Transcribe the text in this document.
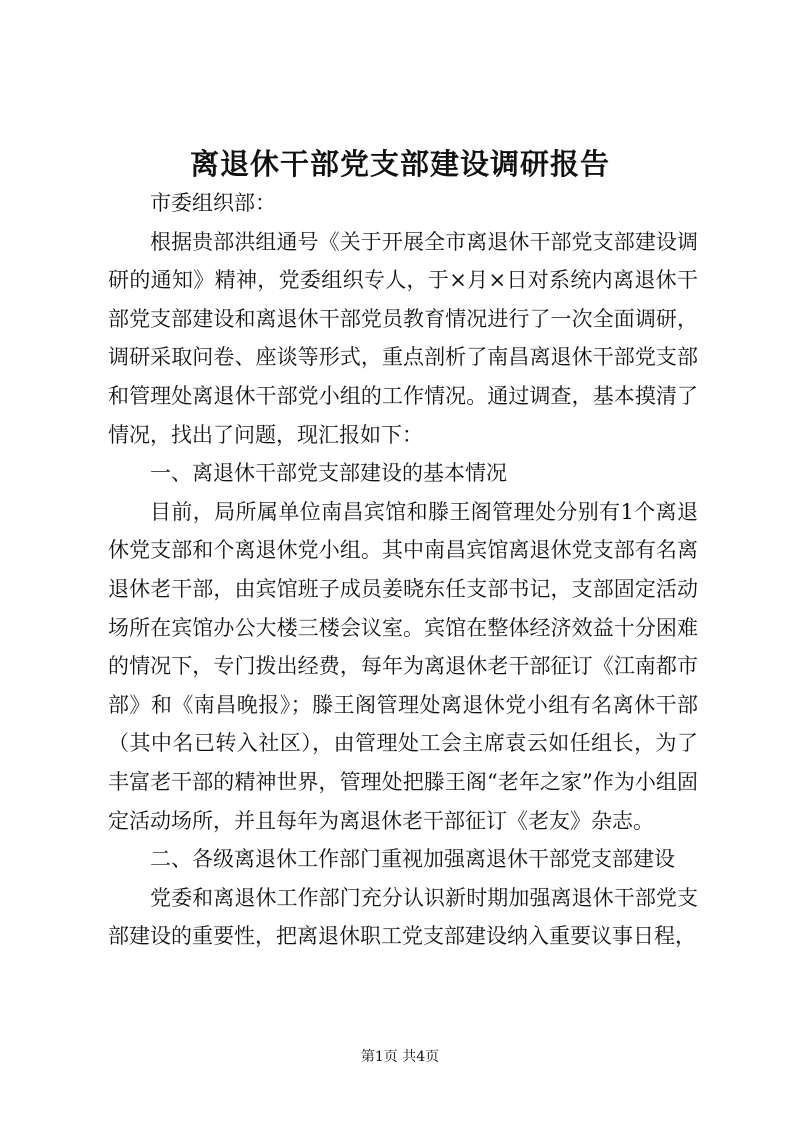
离退休干部党支部建设调研报告

市委组织部：

根据贵部洪组通号《关于开展全市离退休干部党支部建设调研的通知》精神，党委组织专人，于×月×日对系统内离退休干部党支部建设和离退休干部党员教育情况进行了一次全面调研，调研采取问卷、座谈等形式，重点剖析了南昌离退休干部党支部和管理处离退休干部党小组的工作情况。通过调查，基本摸清了情况，找出了问题，现汇报如下：

一、离退休干部党支部建设的基本情况

目前，局所属单位南昌宾馆和滕王阁管理处分别有1个离退休党支部和个离退休党小组。其中南昌宾馆离退休党支部有名离退休老干部，由宾馆班子成员姜晓东任支部书记，支部固定活动场所在宾馆办公大楼三楼会议室。宾馆在整体经济效益十分困难的情况下，专门拨出经费，每年为离退休老干部征订《江南都市部》和《南昌晚报》；滕王阁管理处离退休党小组有名离休干部（其中名已转入社区），由管理处工会主席袁云如任组长，为了丰富老干部的精神世界，管理处把滕王阁“老年之家”作为小组固定活动场所，并且每年为离退休老干部征订《老友》杂志。

二、各级离退休工作部门重视加强离退休干部党支部建设

党委和离退休工作部门充分认识新时期加强离退休干部党支部建设的重要性，把离退休职工党支部建设纳入重要议事日程，

第1页 共4页
